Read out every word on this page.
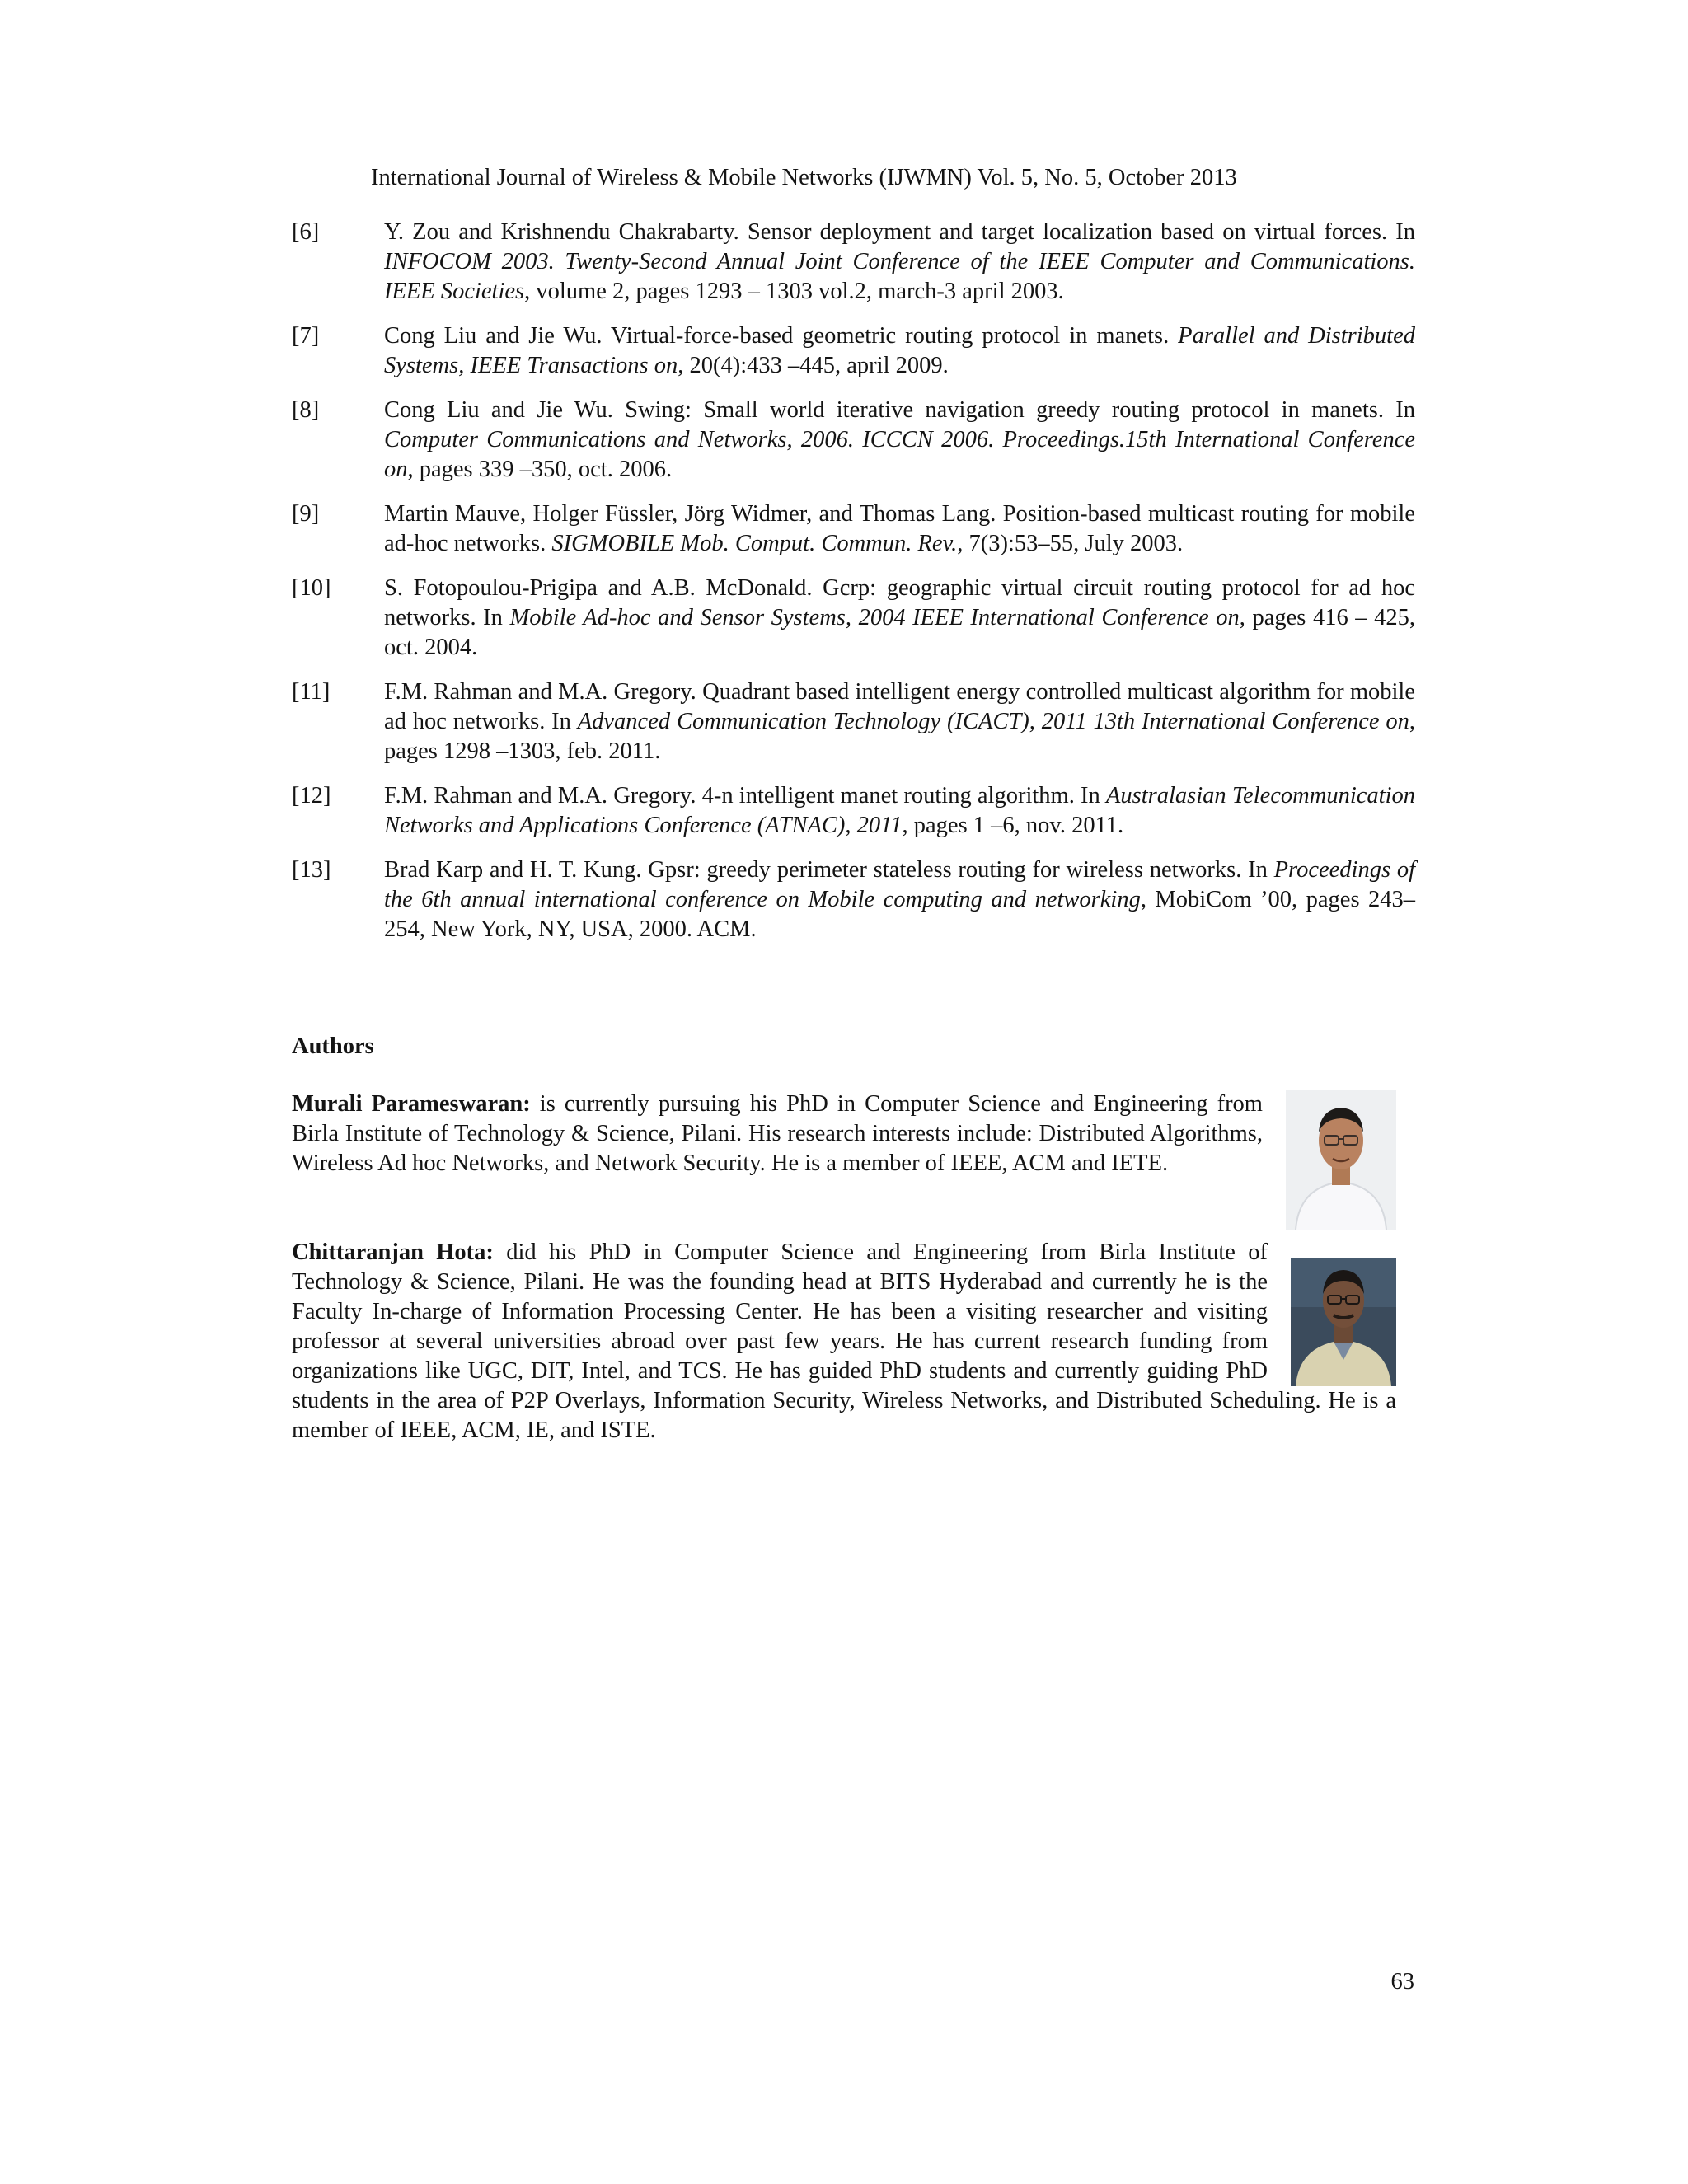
International Journal of Wireless & Mobile Networks (IJWMN) Vol. 5, No. 5, October 2013
[6]	Y. Zou and Krishnendu Chakrabarty. Sensor deployment and target localization based on virtual forces. In INFOCOM 2003. Twenty-Second Annual Joint Conference of the IEEE Computer and Communications. IEEE Societies, volume 2, pages 1293 – 1303 vol.2, march-3 april 2003.
[7]	Cong Liu and Jie Wu. Virtual-force-based geometric routing protocol in manets. Parallel and Distributed Systems, IEEE Transactions on, 20(4):433 –445, april 2009.
[8]	Cong Liu and Jie Wu. Swing: Small world iterative navigation greedy routing protocol in manets. In Computer Communications and Networks, 2006. ICCCN 2006. Proceedings.15th International Conference on, pages 339 –350, oct. 2006.
[9]	Martin Mauve, Holger Füssler, Jörg Widmer, and Thomas Lang. Position-based multicast routing for mobile ad-hoc networks. SIGMOBILE Mob. Comput. Commun. Rev., 7(3):53–55, July 2003.
[10]	S. Fotopoulou-Prigipa and A.B. McDonald. Gcrp: geographic virtual circuit routing protocol for ad hoc networks. In Mobile Ad-hoc and Sensor Systems, 2004 IEEE International Conference on, pages 416 – 425, oct. 2004.
[11]	F.M. Rahman and M.A. Gregory. Quadrant based intelligent energy controlled multicast algorithm for mobile ad hoc networks. In Advanced Communication Technology (ICACT), 2011 13th International Conference on, pages 1298 –1303, feb. 2011.
[12]	F.M. Rahman and M.A. Gregory. 4-n intelligent manet routing algorithm. In Australasian Telecommunication Networks and Applications Conference (ATNAC), 2011, pages 1 –6, nov. 2011.
[13]	Brad Karp and H. T. Kung. Gpsr: greedy perimeter stateless routing for wireless networks. In Proceedings of the 6th annual international conference on Mobile computing and networking, MobiCom ’00, pages 243–254, New York, NY, USA, 2000. ACM.
Authors
Murali Parameswaran: is currently pursuing his PhD in Computer Science and Engineering from Birla Institute of Technology & Science, Pilani. His research interests include: Distributed Algorithms, Wireless Ad hoc Networks, and Network Security. He is a member of IEEE, ACM and IETE.
Chittaranjan Hota: did his PhD in Computer Science and Engineering from Birla Institute of Technology & Science, Pilani. He was the founding head at BITS Hyderabad and currently he is the Faculty In-charge of Information Processing Center. He has been a visiting researcher and visiting professor at several universities abroad over past few years. He has current research funding from organizations like UGC, DIT, Intel, and TCS. He has guided PhD students and currently guiding PhD students in the area of P2P Overlays, Information Security, Wireless Networks, and Distributed Scheduling. He is a member of IEEE, ACM, IE, and ISTE.
63
